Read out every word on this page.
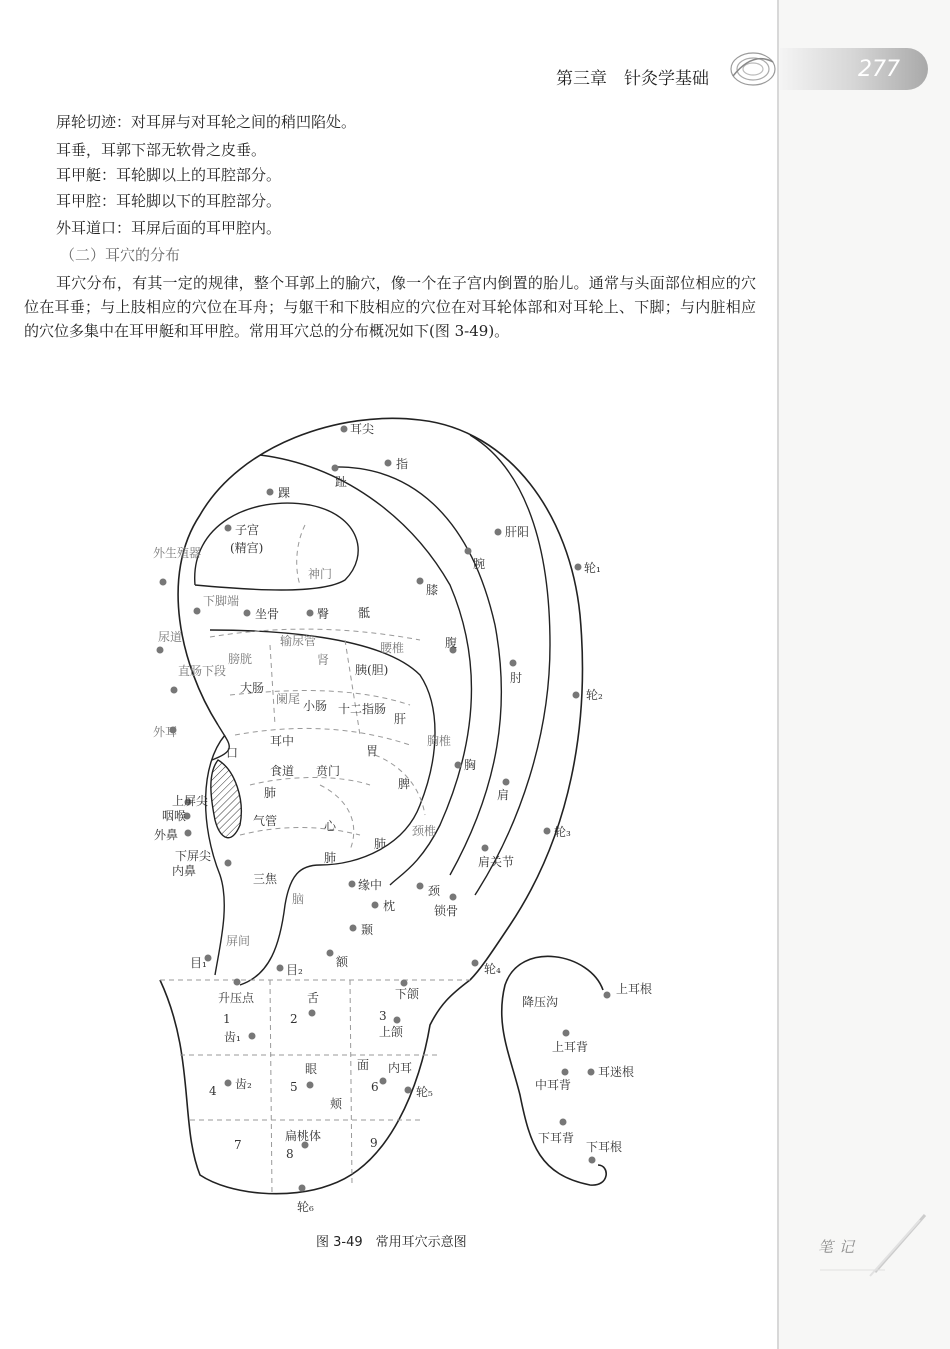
第三章　针灸学基础	277
屏轮切迹：对耳屏与对耳轮之间的稍凹陷处。
耳垂，耳郭下部无软骨之皮垂。
耳甲艇：耳轮脚以上的耳腔部分。
耳甲腔：耳轮脚以下的耳腔部分。
外耳道口：耳屏后面的耳甲腔内。
（二）耳穴的分布
耳穴分布，有其一定的规律，整个耳郭上的腧穴，像一个在子宫内倒置的胎儿。通常与头面部位相应的穴位在耳垂；与上肢相应的穴位在耳舟；与躯干和下肢相应的穴位在对耳轮体部和对耳轮上、下脚；与内脏相应的穴位多集中在耳甲艇和耳甲腔。常用耳穴总的分布概况如下(图 3-49)。
耳尖
指
趾
踝
肝阳
腕	轮₁
子宫
(精宫)
外生殖器
神门
膝
下脚端
坐骨	臀
尿道
骶
输尿管
肾
腰椎	腹
膀胱
胰(胆)
直肠下段
大肠
阑尾
肘
轮₂
小肠 十二指肠
肝
外耳
耳中
口	胃
胸椎
食道 贲门	胸
肺
脾
肩
上屏尖
咽喉	气管	心
外鼻	颈椎	轮₃
肺
肺
下屏尖
内鼻
肩关节
三焦	缘中	颈
锁骨
脑	枕
颞
屏间
额
目₁	目₂	轮₄
升压点	舌	下颌
齿₁	上颌
眼	面 内耳
齿₂
颊
轮₅
扁桃体
轮₆
1	2	3
4	5	6
7
8
9
上耳根
降压沟
上耳背
耳迷根
中耳背
下耳背
下耳根
图 3-49　常用耳穴示意图	笔记
